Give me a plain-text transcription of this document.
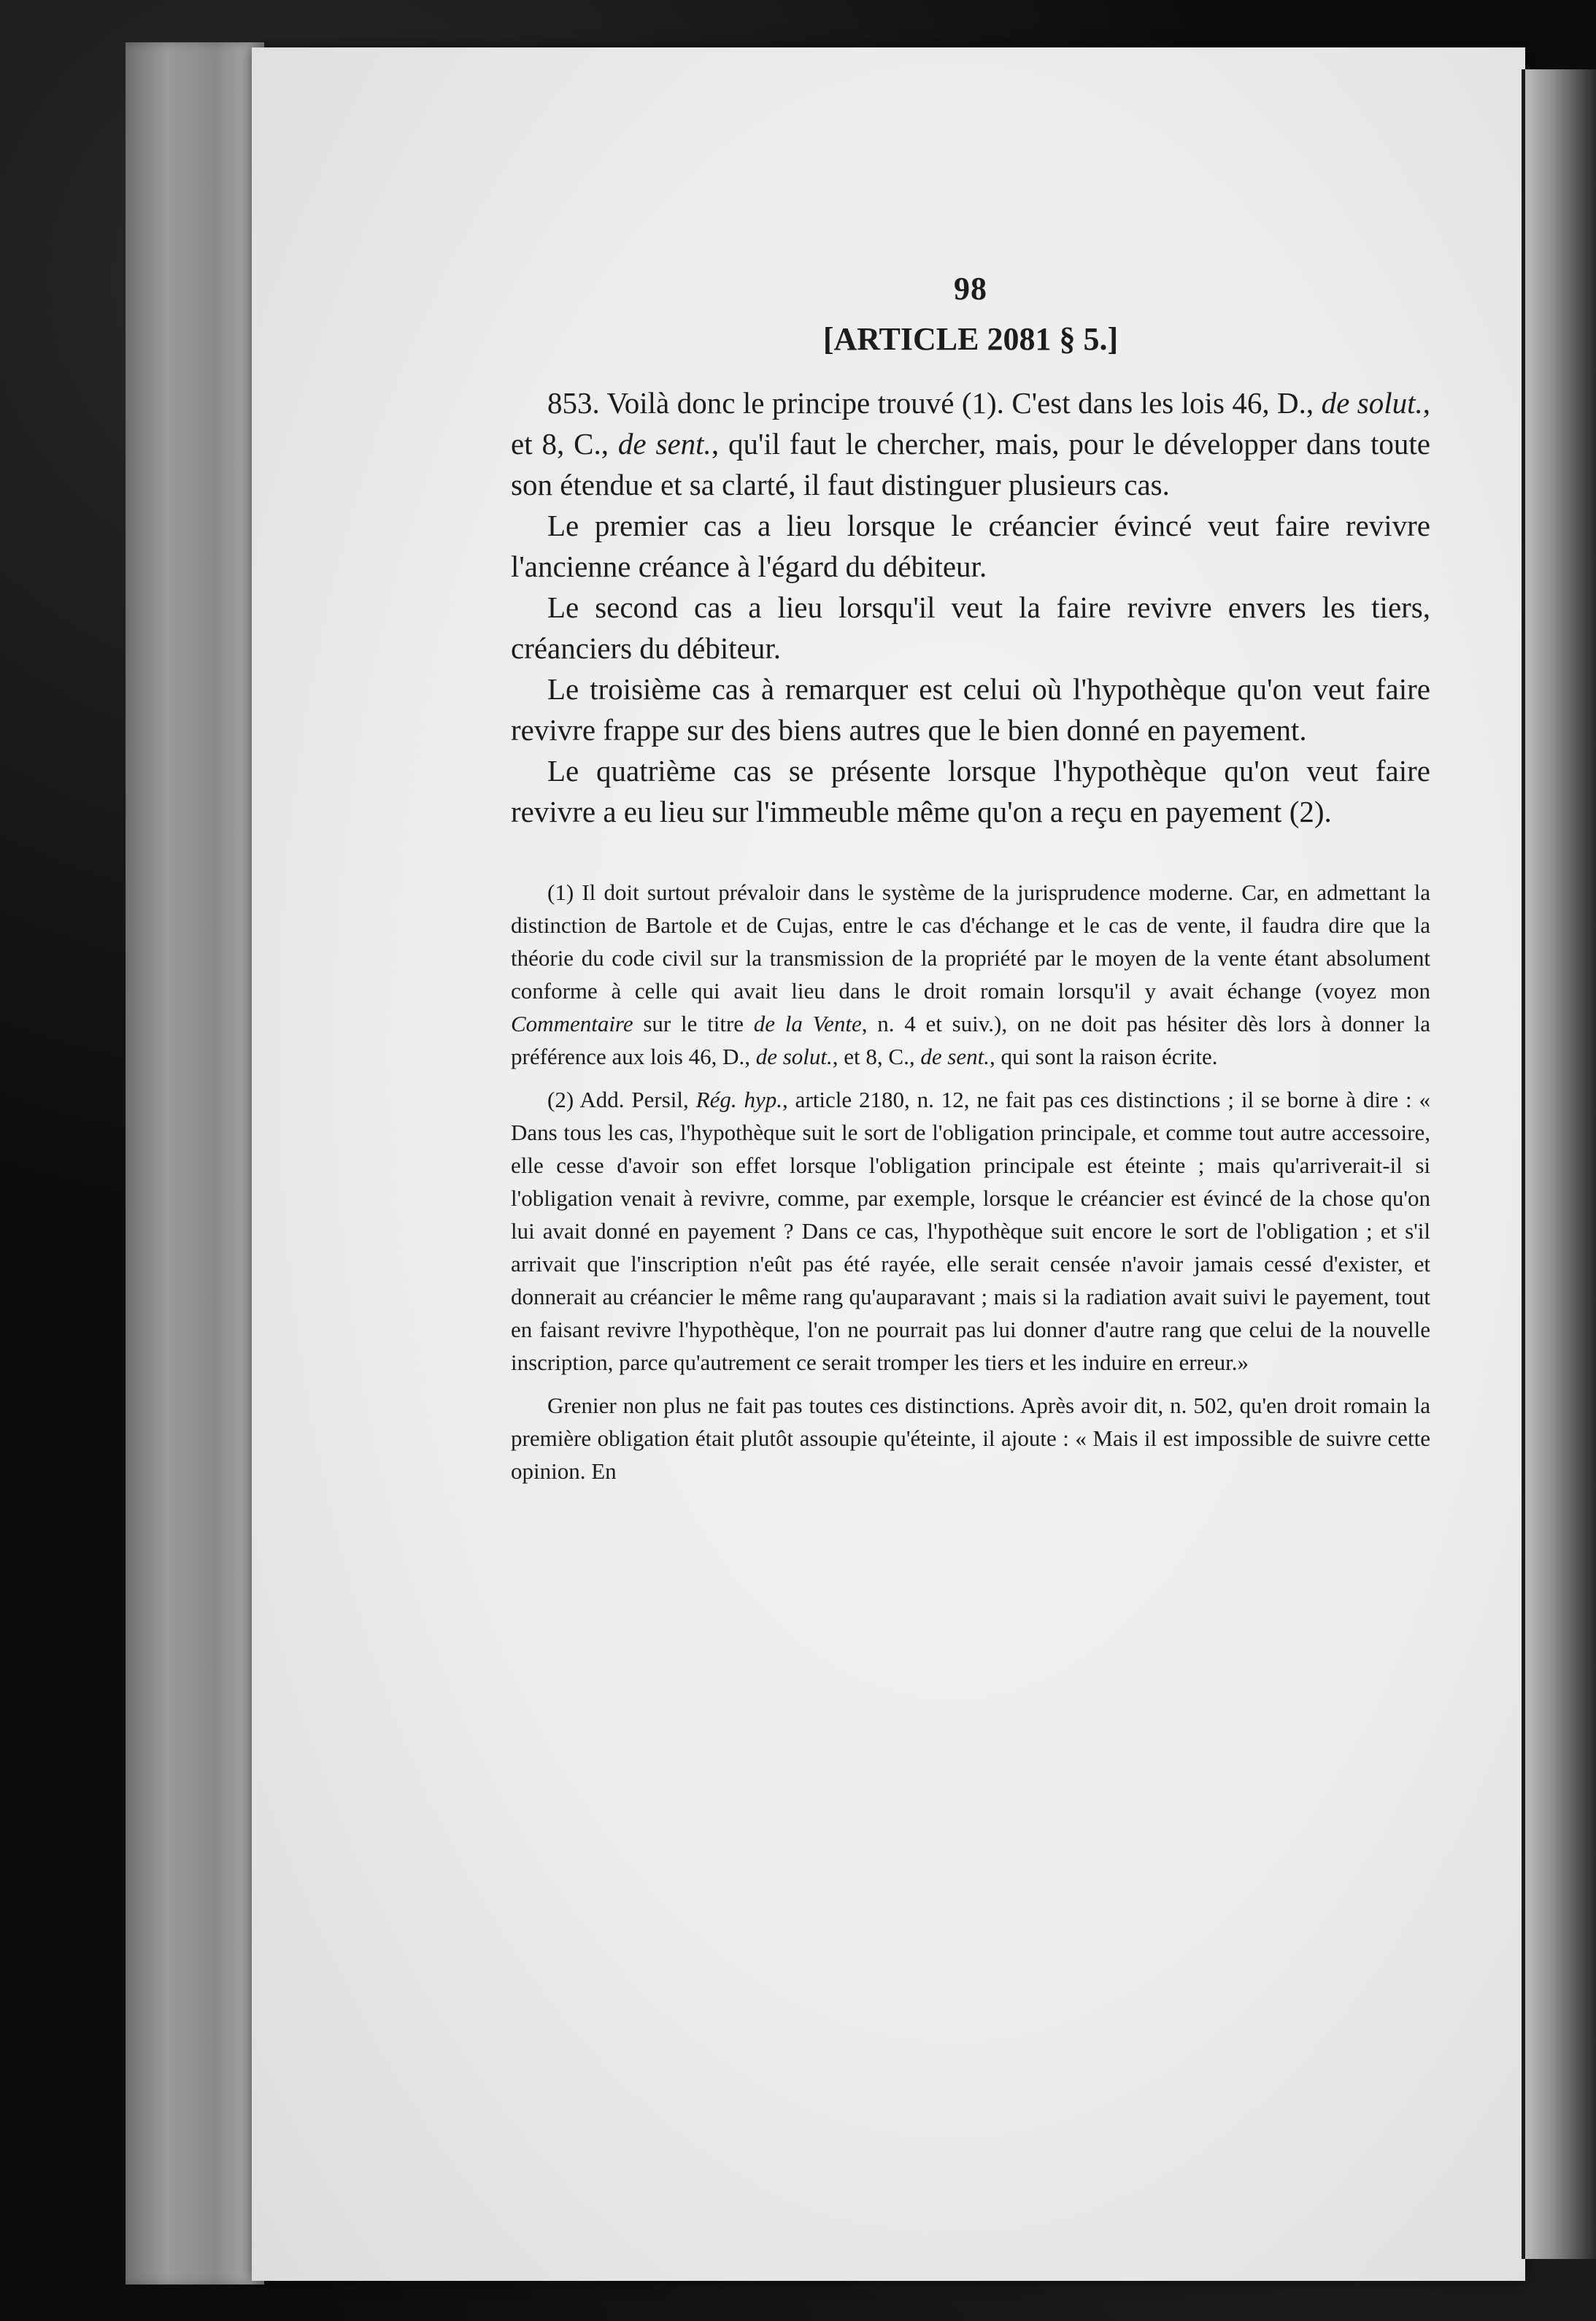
98
[ARTICLE 2081 § 5.]

853. Voilà donc le principe trouvé (1). C'est dans les lois 46, D., de solut., et 8, C., de sent., qu'il faut le chercher, mais, pour le développer dans toute son étendue et sa clarté, il faut distinguer plusieurs cas.

Le premier cas a lieu lorsque le créancier évincé veut faire revivre l'ancienne créance à l'égard du débiteur.

Le second cas a lieu lorsqu'il veut la faire revivre envers les tiers, créanciers du débiteur.

Le troisième cas à remarquer est celui où l'hypothèque qu'on veut faire revivre frappe sur des biens autres que le bien donné en payement.

Le quatrième cas se présente lorsque l'hypothèque qu'on veut faire revivre a eu lieu sur l'immeuble même qu'on a reçu en payement (2).

(1) Il doit surtout prévaloir dans le système de la jurisprudence moderne. Car, en admettant la distinction de Bartole et de Cujas, entre le cas d'échange et le cas de vente, il faudra dire que la théorie du code civil sur la transmission de la propriété par le moyen de la vente étant absolument conforme à celle qui avait lieu dans le droit romain lorsqu'il y avait échange (voyez mon Commentaire sur le titre de la Vente, n. 4 et suiv.), on ne doit pas hésiter dès lors à donner la préférence aux lois 46, D., de solut., et 8, C., de sent., qui sont la raison écrite.

(2) Add. Persil, Rég. hyp., article 2180, n. 12, ne fait pas ces distinctions ; il se borne à dire : « Dans tous les cas, l'hypothèque suit le sort de l'obligation principale, et comme tout autre accessoire, elle cesse d'avoir son effet lorsque l'obligation principale est éteinte ; mais qu'arriverait-il si l'obligation venait à revivre, comme, par exemple, lorsque le créancier est évincé de la chose qu'on lui avait donné en payement ? Dans ce cas, l'hypothèque suit encore le sort de l'obligation ; et s'il arrivait que l'inscription n'eût pas été rayée, elle serait censée n'avoir jamais cessé d'exister, et donnerait au créancier le même rang qu'auparavant ; mais si la radiation avait suivi le payement, tout en faisant revivre l'hypothèque, l'on ne pourrait pas lui donner d'autre rang que celui de la nouvelle inscription, parce qu'autrement ce serait tromper les tiers et les induire en erreur.»

Grenier non plus ne fait pas toutes ces distinctions. Après avoir dit, n. 502, qu'en droit romain la première obligation était plutôt assoupie qu'éteinte, il ajoute : « Mais il est impossible de suivre cette opinion. En
